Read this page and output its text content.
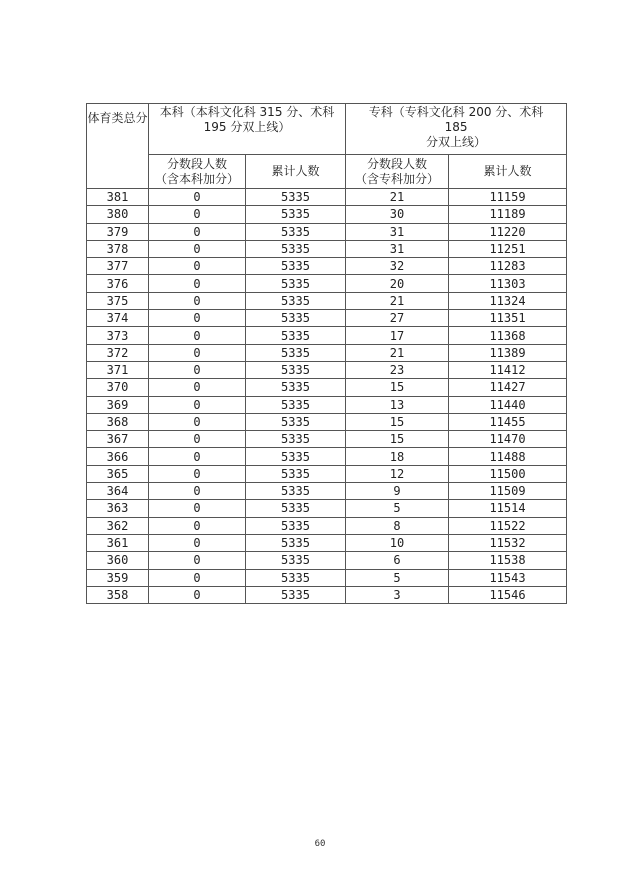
体育类总分	本科（本科文化科 315 分、术科
195 分双上线）		专科（专科文化科 200 分、术科
185
分双上线）	

	分数段人数
（含本科加分）	累计人数	分数段人数
（含专科加分）	累计人数
381	0	5335	21	11159
380	0	5335	30	11189
379	0	5335	31	11220
378	0	5335	31	11251
377	0	5335	32	11283
376	0	5335	20	11303
375	0	5335	21	11324
374	0	5335	27	11351
373	0	5335	17	11368
372	0	5335	21	11389
371	0	5335	23	11412
370	0	5335	15	11427
369	0	5335	13	11440
368	0	5335	15	11455
367	0	5335	15	11470
366	0	5335	18	11488
365	0	5335	12	11500
364	0	5335	9	11509
363	0	5335	5	11514
362	0	5335	8	11522
361	0	5335	10	11532
360	0	5335	6	11538
359	0	5335	5	11543
358	0	5335	3	11546
60
